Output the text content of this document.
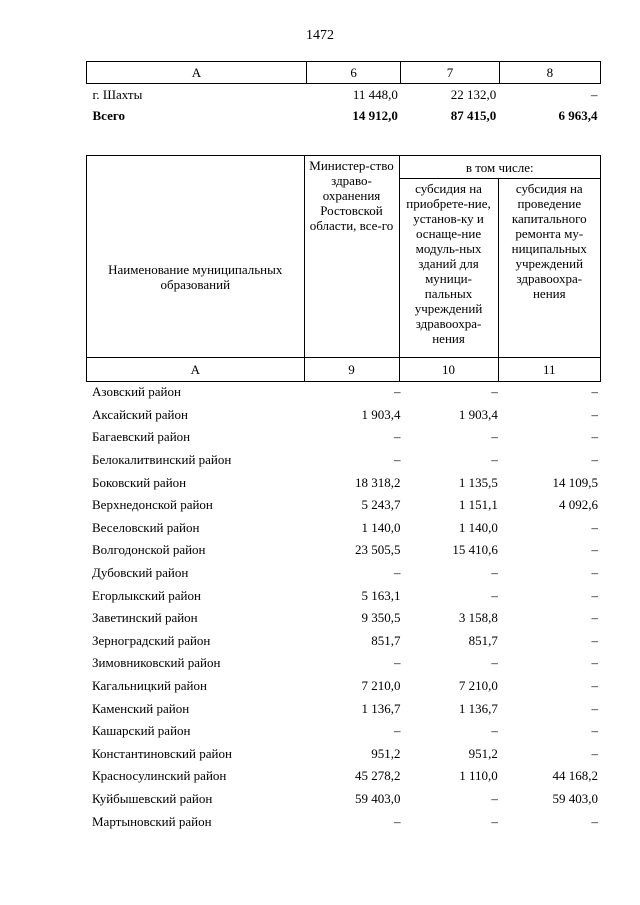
1472
А	6	7	8
г. Шахты	11 448,0	22 132,0	–
Всего	14 912,0	87 415,0	6 963,4
Наименование муниципальных образований	Министер-ство здраво-охранения Ростовской области, все-го	в том числе:	
		субсидия на приобрете-ние, установ-ку и оснаще-ние модуль-ных зданий для муници-пальных учреждений здравоохра-нения	субсидия на проведение капитального ремонта му-ниципальных учреждений здравоохра-нения
А	9	10	11
Азовский район	–	–	–
Аксайский район	1 903,4	1 903,4	–
Багаевский район	–	–	–
Белокалитвинский район	–	–	–
Боковский район	18 318,2	1 135,5	14 109,5
Верхнедонской район	5 243,7	1 151,1	4 092,6
Веселовский район	1 140,0	1 140,0	–
Волгодонской район	23 505,5	15 410,6	–
Дубовский район	–	–	–
Егорлыкский район	5 163,1	–	–
Заветинский район	9 350,5	3 158,8	–
Зерноградский район	851,7	851,7	–
Зимовниковский район	–	–	–
Кагальницкий район	7 210,0	7 210,0	–
Каменский район	1 136,7	1 136,7	–
Кашарский район	–	–	–
Константиновский район	951,2	951,2	–
Красносулинский район	45 278,2	1 110,0	44 168,2
Куйбышевский район	59 403,0	–	59 403,0
Мартыновский район	–	–	–
